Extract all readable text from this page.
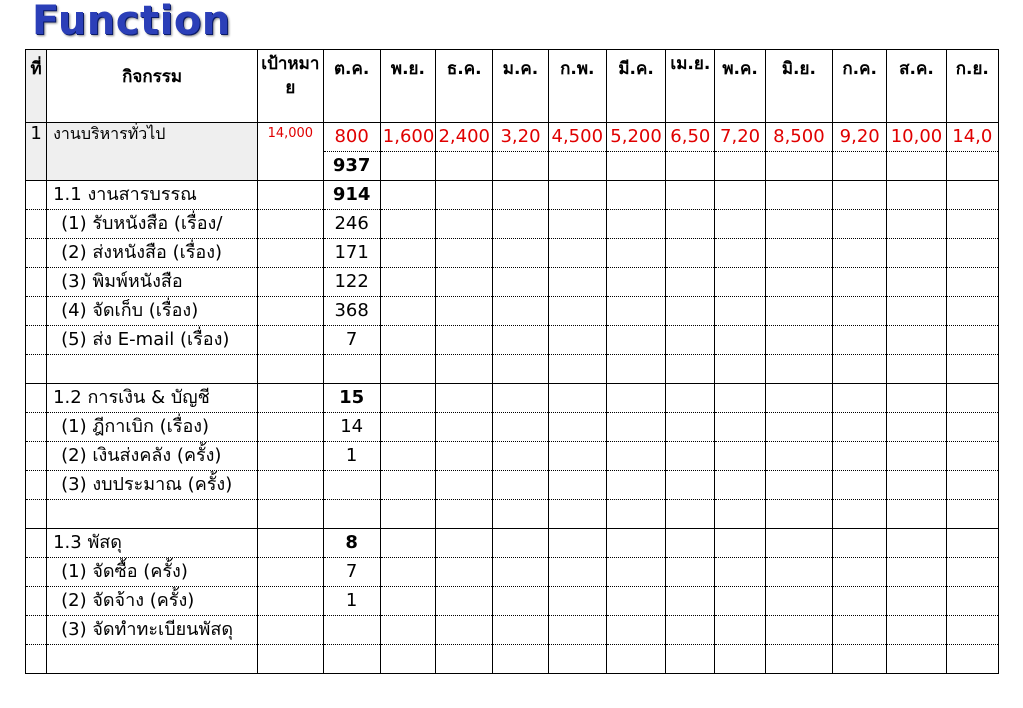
Function
ที่	กิจกรรม	เป้าหมาย	ต.ค.	พ.ย.	ธ.ค.	ม.ค.	ก.พ.	มี.ค.	เม.ย.	พ.ค.	มิ.ย.	ก.ค.	ส.ค.	ก.ย.
1	งานบริหารทั่วไป	14,000	800	1,600	2,400	3,20	4,500	5,200	6,50	7,20	8,500	9,20	10,00	14,0
			937											
	1.1 งานสารบรรณ		914											
	(1) รับหนังสือ (เรื่อง/		246											
	(2) ส่งหนังสือ (เรื่อง)		171											
	(3) พิมพ์หนังสือ		122											
	(4) จัดเก็บ (เรื่อง)		368											
	(5) ส่ง E-mail (เรื่อง)		7											

	1.2 การเงิน & บัญชี		15											
	(1) ฎีกาเบิก (เรื่อง)		14											
	(2) เงินส่งคลัง (ครั้ง)		1											
	(3) งบประมาณ (ครั้ง)													

	1.3 พัสดุ		8											
	(1) จัดซื้อ (ครั้ง)		7											
	(2) จัดจ้าง (ครั้ง)		1											
	(3) จัดทำทะเบียนพัสดุ													
